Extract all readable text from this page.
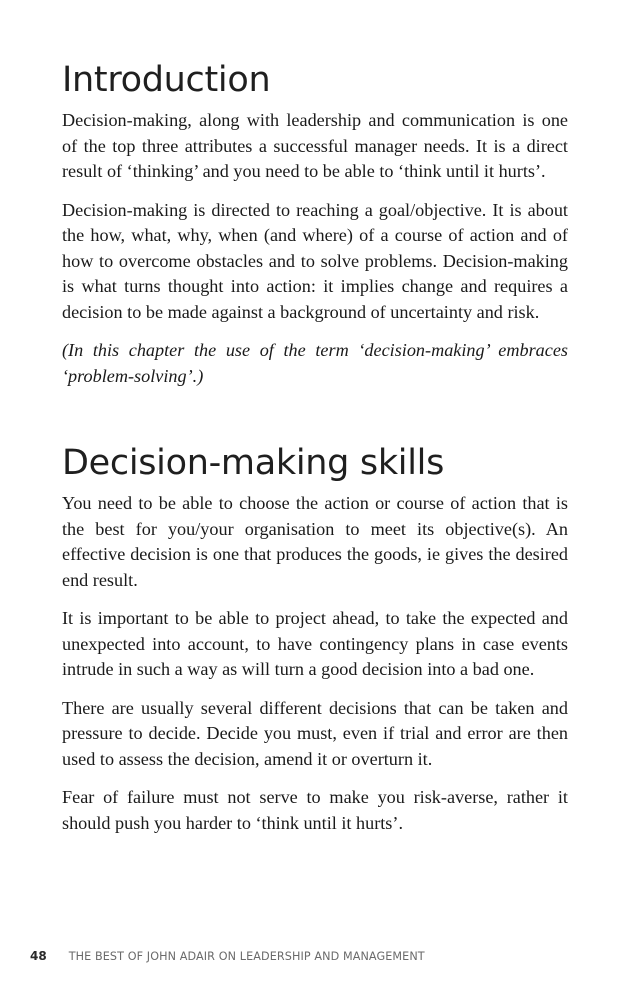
Introduction

Decision-making, along with leadership and communication is one of the top three attributes a successful manager needs. It is a direct result of ‘thinking’ and you need to be able to ‘think until it hurts’.

Decision-making is directed to reaching a goal/objective. It is about the how, what, why, when (and where) of a course of action and of how to overcome obstacles and to solve problems. Decision-making is what turns thought into action: it implies change and requires a decision to be made against a background of uncertainty and risk.

(In this chapter the use of the term ‘decision-making’ embraces ‘problem-solving’.)

Decision-making skills

You need to be able to choose the action or course of action that is the best for you/your organisation to meet its objective(s). An effective decision is one that produces the goods, ie gives the desired end result.

It is important to be able to project ahead, to take the expected and unexpected into account, to have contingency plans in case events intrude in such a way as will turn a good decision into a bad one.

There are usually several different decisions that can be taken and pressure to decide. Decide you must, even if trial and error are then used to assess the decision, amend it or overturn it.

Fear of failure must not serve to make you risk-averse, rather it should push you harder to ‘think until it hurts’.

48 THE BEST OF JOHN ADAIR ON LEADERSHIP AND MANAGEMENT
